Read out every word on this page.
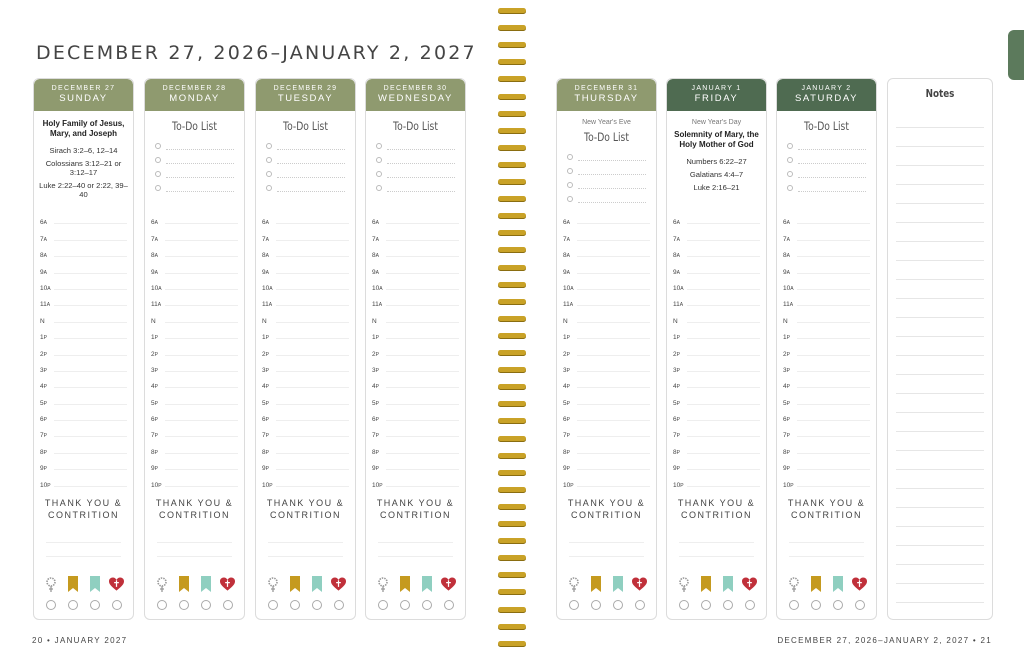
DECEMBER 27, 2026–JANUARY 2, 2027
DECEMBER 27
SUNDAY
Holy Family of Jesus, Mary, and Joseph
Sirach 3:2–6, 12–14
Colossians 3:12–21 or 3:12–17
Luke 2:22–40 or 2:22, 39–40
6A
7A
8A
9A
10A
11A
N
1P
2P
3P
4P
5P
6P
7P
8P
9P
10P
THANK YOU &
CONTRITION
DECEMBER 28
MONDAY
To-Do List
6A
7A
8A
9A
10A
11A
N
1P
2P
3P
4P
5P
6P
7P
8P
9P
10P
THANK YOU &
CONTRITION
DECEMBER 29
TUESDAY
To-Do List
6A
7A
8A
9A
10A
11A
N
1P
2P
3P
4P
5P
6P
7P
8P
9P
10P
THANK YOU &
CONTRITION
DECEMBER 30
WEDNESDAY
To-Do List
6A
7A
8A
9A
10A
11A
N
1P
2P
3P
4P
5P
6P
7P
8P
9P
10P
THANK YOU &
CONTRITION
DECEMBER 31
THURSDAY
New Year's Eve
To-Do List
6A
7A
8A
9A
10A
11A
N
1P
2P
3P
4P
5P
6P
7P
8P
9P
10P
THANK YOU &
CONTRITION
JANUARY 1
FRIDAY
New Year's Day
Solemnity of Mary, the Holy Mother of God
Numbers 6:22–27
Galatians 4:4–7
Luke 2:16–21
6A
7A
8A
9A
10A
11A
N
1P
2P
3P
4P
5P
6P
7P
8P
9P
10P
THANK YOU &
CONTRITION
JANUARY 2
SATURDAY
To-Do List
6A
7A
8A
9A
10A
11A
N
1P
2P
3P
4P
5P
6P
7P
8P
9P
10P
THANK YOU &
CONTRITION
Notes
20 • JANUARY 2027	DECEMBER 27, 2026–JANUARY 2, 2027 • 21
